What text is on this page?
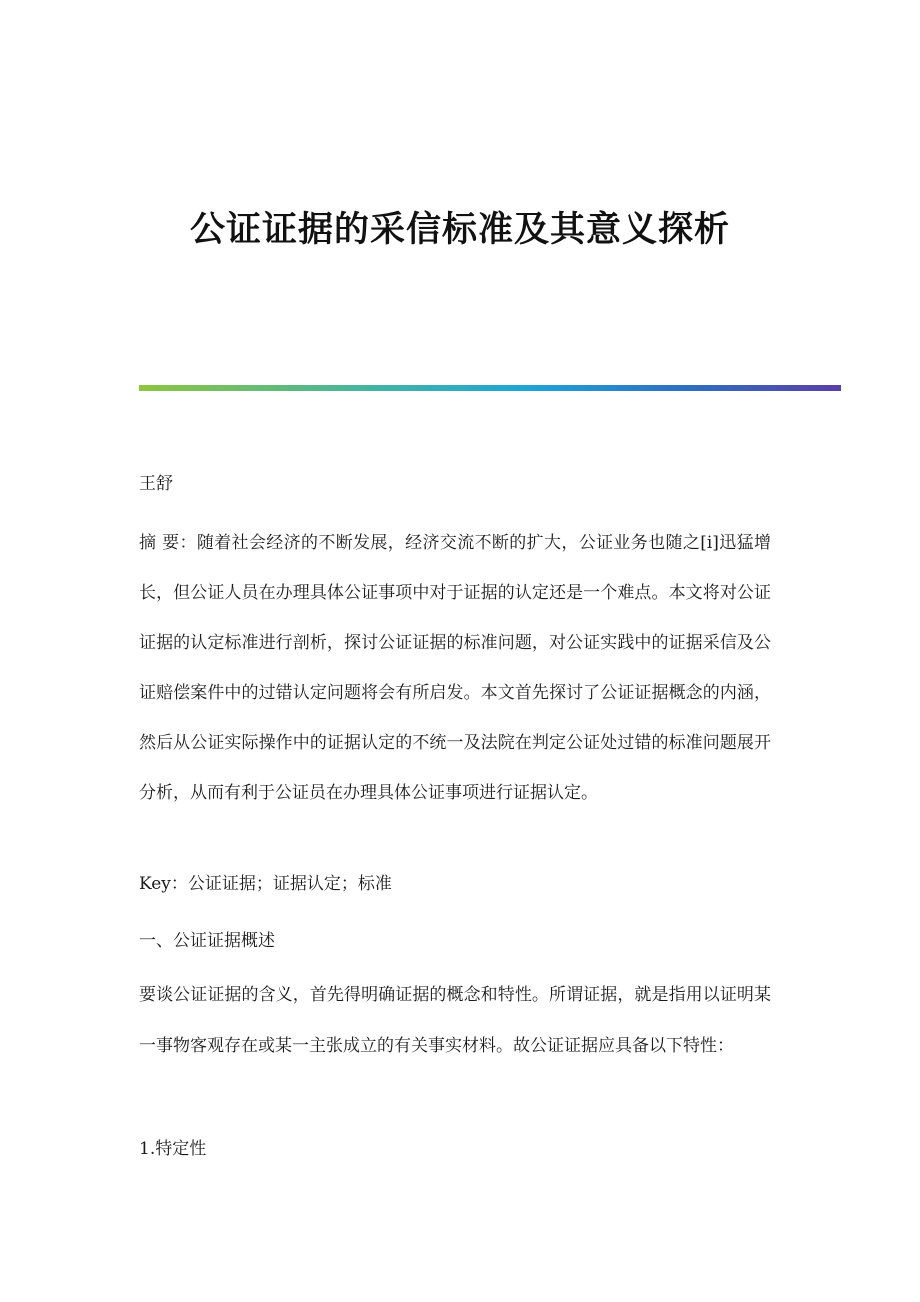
公证证据的采信标准及其意义探析

王舒

摘 要：随着社会经济的不断发展，经济交流不断的扩大，公证业务也随之[i]迅猛增长，但公证人员在办理具体公证事项中对于证据的认定还是一个难点。本文将对公证证据的认定标准进行剖析，探讨公证证据的标准问题，对公证实践中的证据采信及公证赔偿案件中的过错认定问题将会有所启发。本文首先探讨了公证证据概念的内涵，然后从公证实际操作中的证据认定的不统一及法院在判定公证处过错的标准问题展开分析，从而有利于公证员在办理具体公证事项进行证据认定。

Key：公证证据；证据认定；标准

一、公证证据概述

要谈公证证据的含义，首先得明确证据的概念和特性。所谓证据，就是指用以证明某一事物客观存在或某一主张成立的有关事实材料。故公证证据应具备以下特性：

1.特定性
